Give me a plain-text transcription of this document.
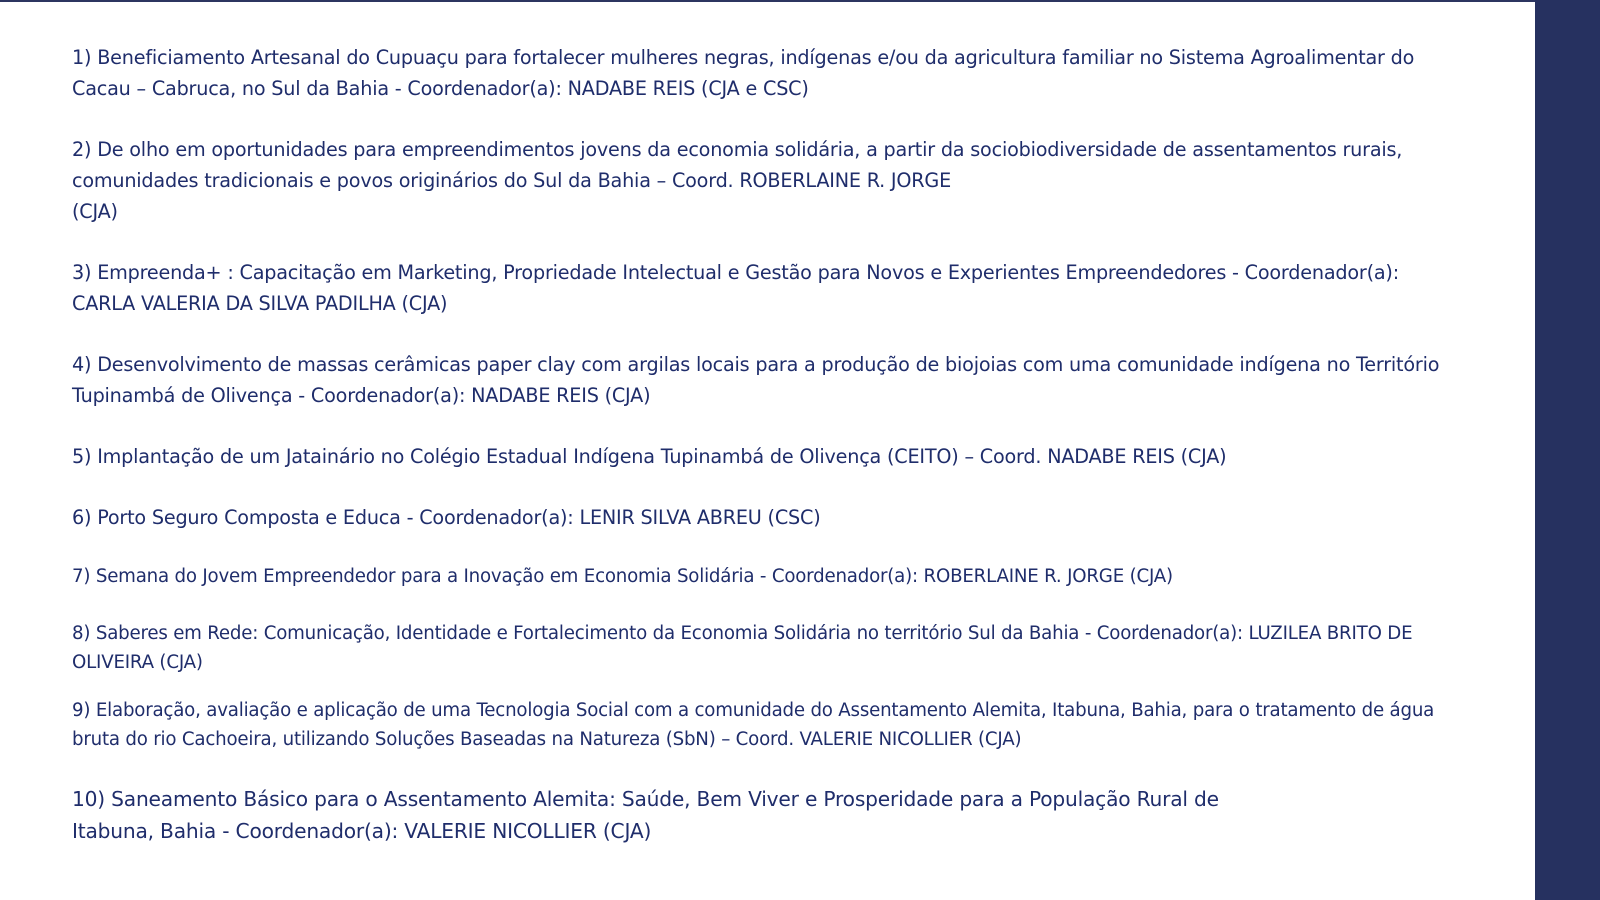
1) Beneficiamento Artesanal do Cupuaçu para fortalecer mulheres negras, indígenas e/ou da agricultura familiar no Sistema Agroalimentar do
Cacau – Cabruca, no Sul da Bahia - Coordenador(a): NADABE REIS (CJA e CSC)
2) De olho em oportunidades para empreendimentos jovens da economia solidária, a partir da sociobiodiversidade de assentamentos rurais,
comunidades tradicionais e povos originários do Sul da Bahia – Coord. ROBERLAINE R. JORGE
(CJA)
3) Empreenda+ : Capacitação em Marketing, Propriedade Intelectual e Gestão para Novos e Experientes Empreendedores - Coordenador(a):
CARLA VALERIA DA SILVA PADILHA (CJA)
4) Desenvolvimento de massas cerâmicas paper clay com argilas locais para a produção de biojoias com uma comunidade indígena no Território
Tupinambá de Olivença - Coordenador(a): NADABE REIS (CJA)
5) Implantação de um Jatainário no Colégio Estadual Indígena Tupinambá de Olivença (CEITO) – Coord. NADABE REIS (CJA)
6) Porto Seguro Composta e Educa - Coordenador(a): LENIR SILVA ABREU (CSC)
7) Semana do Jovem Empreendedor para a Inovação em Economia Solidária - Coordenador(a): ROBERLAINE R. JORGE (CJA)
8) Saberes em Rede: Comunicação, Identidade e Fortalecimento da Economia Solidária no território Sul da Bahia - Coordenador(a): LUZILEA BRITO DE
OLIVEIRA (CJA)
9) Elaboração, avaliação e aplicação de uma Tecnologia Social com a comunidade do Assentamento Alemita, Itabuna, Bahia, para o tratamento de água
bruta do rio Cachoeira, utilizando Soluções Baseadas na Natureza (SbN) – Coord. VALERIE NICOLLIER (CJA)
10) Saneamento Básico para o Assentamento Alemita: Saúde, Bem Viver e Prosperidade para a População Rural de
Itabuna, Bahia - Coordenador(a): VALERIE NICOLLIER (CJA)
